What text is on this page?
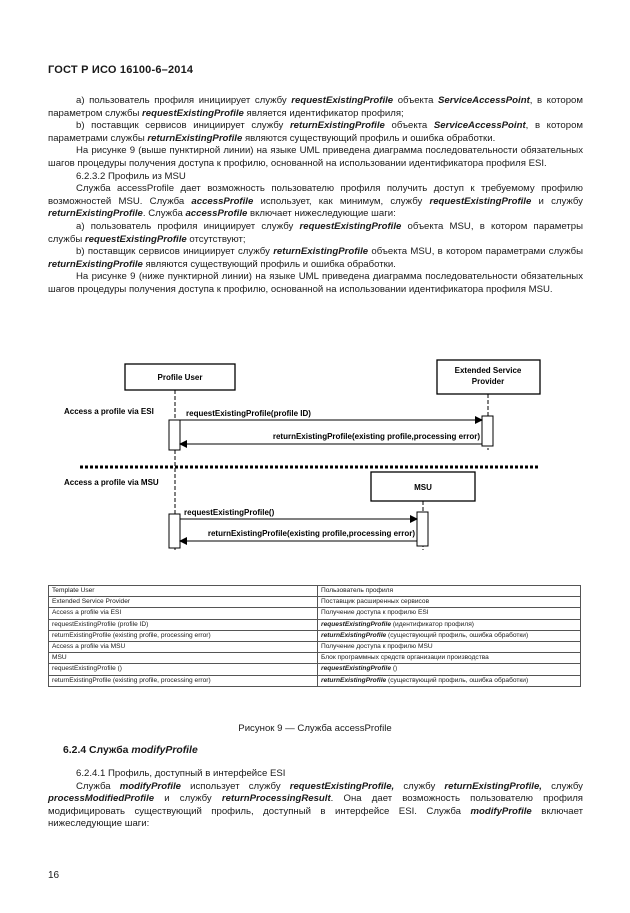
ГОСТ Р ИСО 16100-6–2014

а) пользователь профиля инициирует службу requestExistingProfile объекта ServiceAccessPoint, в котором параметром службы requestExistingProfile является идентификатор профиля;

b) поставщик сервисов инициирует службу returnExistingProfile объекта ServiceAccessPoint, в котором параметрами службы returnExistingProfile являются существующий профиль и ошибка обработки.

На рисунке 9 (выше пунктирной линии) на языке UML приведена диаграмма последовательности обязательных шагов процедуры получения доступа к профилю, основанной на использовании идентификатора профиля ESI.

6.2.3.2 Профиль из MSU

Служба accessProfile дает возможность пользователю профиля получить доступ к требуемому профилю возможностей MSU. Служба accessProfile использует, как минимум, службу requestExistingProfile и службу returnExistingProfile. Служба accessProfile включает нижеследующие шаги:

а) пользователь профиля инициирует службу requestExistingProfile объекта MSU, в котором параметры службы requestExistingProfile отсутствуют;

b) поставщик сервисов инициирует службу returnExistingProfile объекта MSU, в котором параметрами службы returnExistingProfile являются существующий профиль и ошибка обработки.

На рисунке 9 (ниже пунктирной линии) на языке UML приведена диаграмма последовательности обязательных шагов процедуры получения доступа к профилю, основанной на использовании идентификатора профиля MSU.

Profile User
Extended Service
Provider
Access a profile via ESI	requestExistingProfile(profile ID)
returnExistingProfile(existing profile,processing error)
MSU
Access a profile via MSU
requestExistingProfile()
returnExistingProfile(existing profile,processing error)
Template User	Пользователь профиля
Extended Service Provider	Поставщик расширенных сервисов
Access a profile via ESI	Получение доступа к профилю ESI
requestExistingProfile (profile ID)	requestExistingProfile (идентификатор профиля)
returnExistingProfile (existing profile, processing error)	returnExistingProfile (существующий профиль, ошибка обработки)
Access a profile via MSU	Получение доступа к профилю MSU
MSU	Блок программных средств организации производства
requestExistingProfile ()	requestExistingProfile ()
returnExistingProfile (existing profile, processing error)	returnExistingProfile (существующий профиль, ошибка обработки)
Рисунок 9 — Служба accessProfile
6.2.4 Служба modifyProfile

6.2.4.1 Профиль, доступный в интерфейсе ESI

Служба modifyProfile использует службу requestExistingProfile, службу returnExistingProfile, службу processModifiedProfile и службу returnProcessingResult. Она дает возможность пользователю профиля модифицировать существующий профиль, доступный в интерфейсе ESI. Служба modifyProfile включает нижеследующие шаги:

16
